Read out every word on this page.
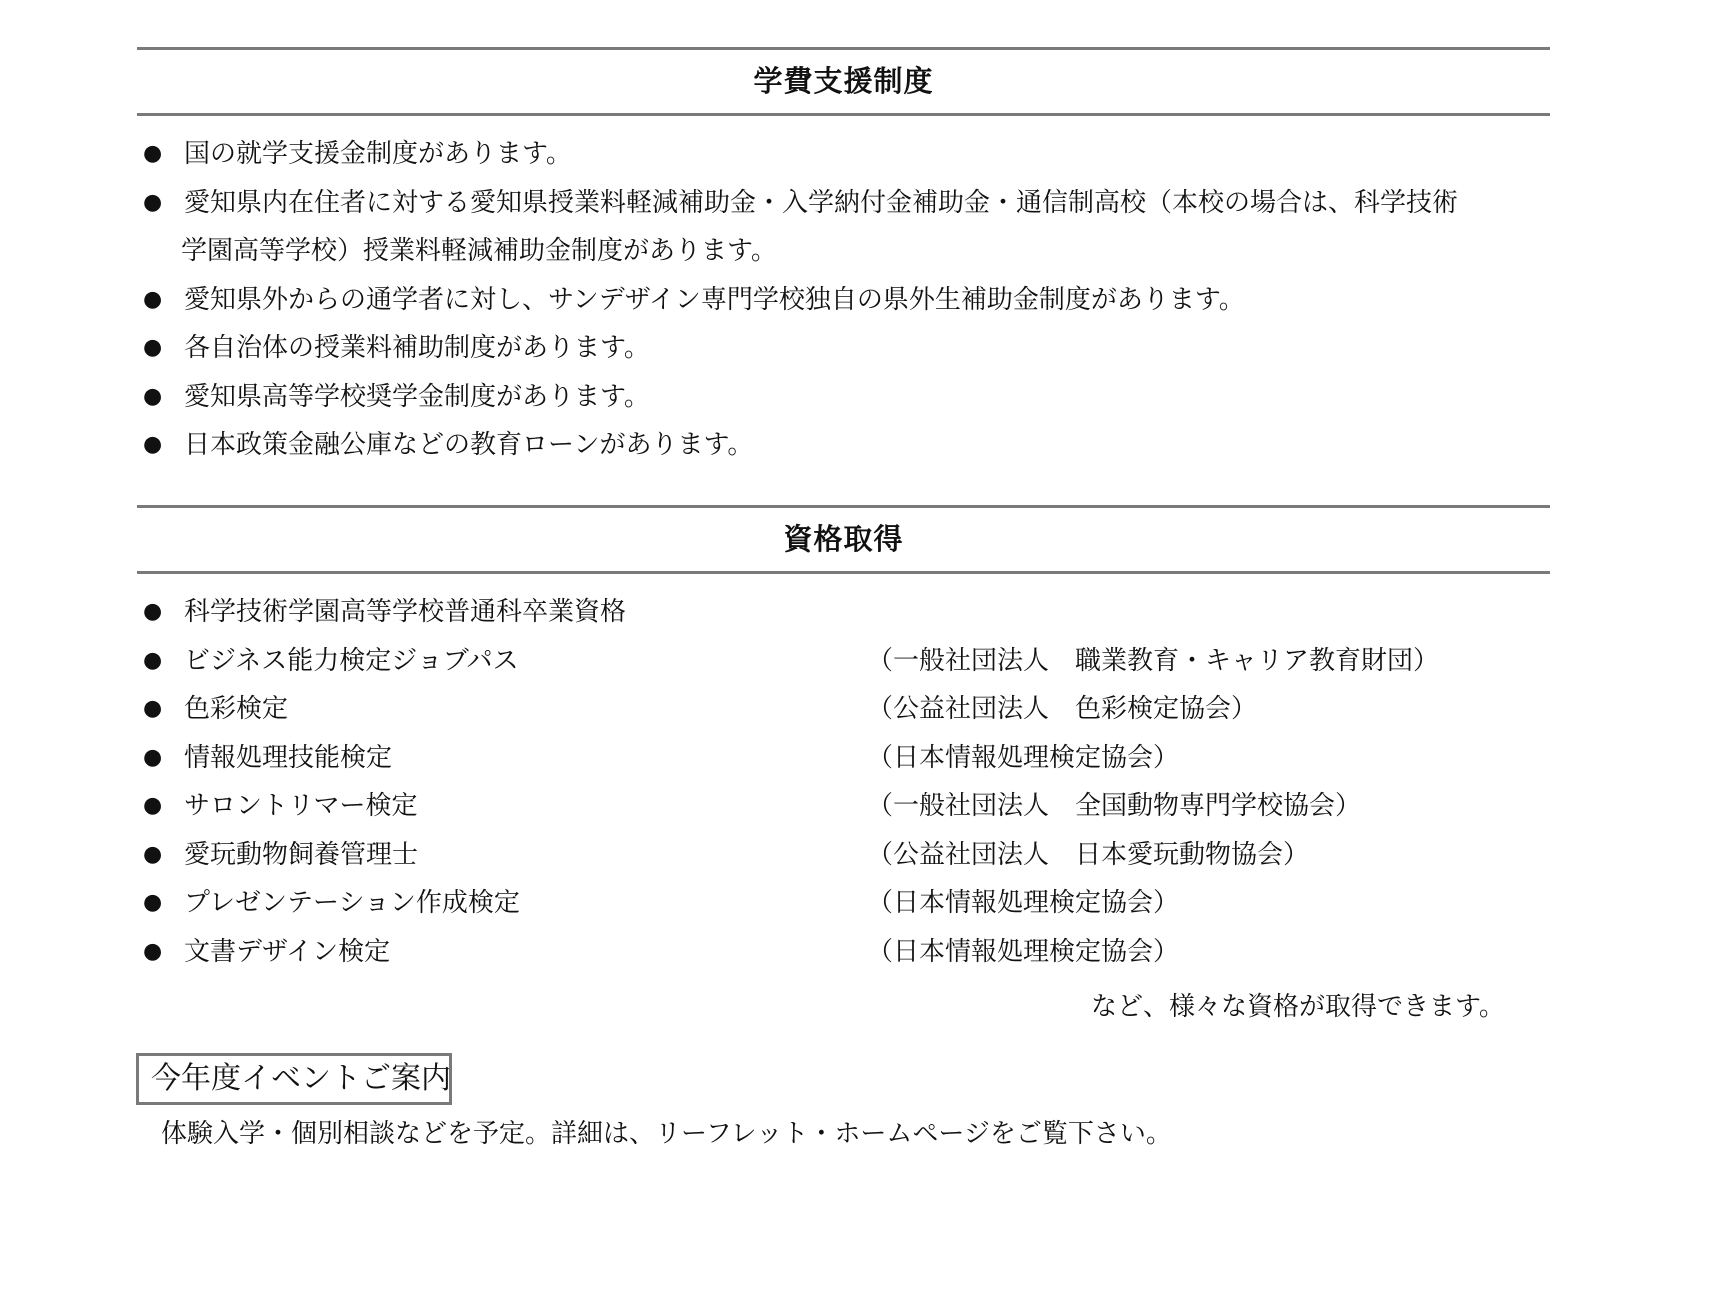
学費支援制度
● 国の就学支援金制度があります。
● 愛知県内在住者に対する愛知県授業料軽減補助金・入学納付金補助金・通信制高校（本校の場合は、科学技術
学園高等学校）授業料軽減補助金制度があります。
● 愛知県外からの通学者に対し、サンデザイン専門学校独自の県外生補助金制度があります。
● 各自治体の授業料補助制度があります。
● 愛知県高等学校奨学金制度があります。
● 日本政策金融公庫などの教育ローンがあります。
資格取得
● 科学技術学園高等学校普通科卒業資格
● ビジネス能力検定ジョブパス	（一般社団法人　職業教育・キャリア教育財団）
● 色彩検定	（公益社団法人　色彩検定協会）
● 情報処理技能検定	（日本情報処理検定協会）
● サロントリマー検定	（一般社団法人　全国動物専門学校協会）
● 愛玩動物飼養管理士	（公益社団法人　日本愛玩動物協会）
● プレゼンテーション作成検定	（日本情報処理検定協会）
● 文書デザイン検定	（日本情報処理検定協会）
など、様々な資格が取得できます。
今年度イベントご案内
体験入学・個別相談などを予定。詳細は、リーフレット・ホームページをご覧下さい。
